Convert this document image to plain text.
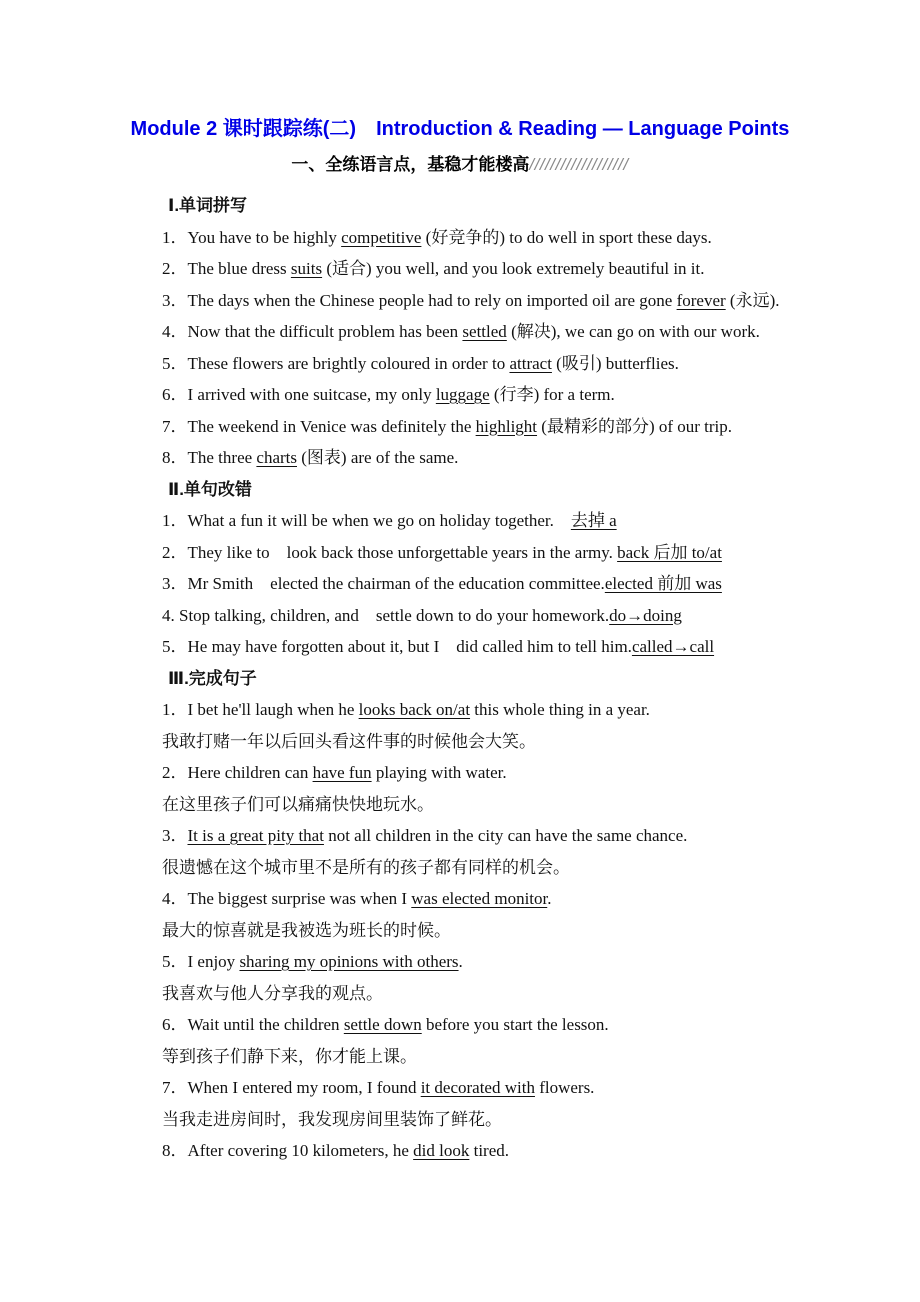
Module 2 课时跟踪练(二)　Introduction & Reading — Language Points
一、全练语言点，基稳才能楼高///////////////////
Ⅰ.单词拼写
1．You have to be highly competitive (好竞争的) to do well in sport these days.
2．The blue dress suits (适合) you well, and you look extremely beautiful in it.
3．The days when the Chinese people had to rely on imported oil are gone forever (永远).
4．Now that the difficult problem has been settled (解决), we can go on with our work.
5．These flowers are brightly coloured in order to attract (吸引) butterflies.
6．I arrived with one suitcase, my only luggage (行李) for a term.
7．The weekend in Venice was definitely the highlight (最精彩的部分) of our trip.
8．The three charts (图表) are of the same.
Ⅱ.单句改错
1．What a fun it will be when we go on holiday together.　去掉 a
2．They like to　look back those unforgettable years in the army. back 后加 to/at
3．Mr Smith　elected the chairman of the education committee.elected 前加 was
4. Stop talking, children, and　settle down to do your homework.do→doing
5．He may have forgotten about it, but I　did called him to tell him.called→call
Ⅲ.完成句子
1．I bet he'll laugh when he looks back on/at this whole thing in a year.
我敢打赌一年以后回头看这件事的时候他会大笑。
2．Here children can have fun playing with water.
在这里孩子们可以痛痛快快地玩水。
3．It is a great pity that not all children in the city can have the same chance.
很遗憾在这个城市里不是所有的孩子都有同样的机会。
4．The biggest surprise was when I was elected monitor.
最大的惊喜就是我被选为班长的时候。
5．I enjoy sharing my opinions with others.
我喜欢与他人分享我的观点。
6．Wait until the children settle down before you start the lesson.
等到孩子们静下来，你才能上课。
7．When I entered my room, I found it decorated with flowers.
当我走进房间时，我发现房间里装饰了鲜花。
8．After covering 10 kilometers, he did look tired.
